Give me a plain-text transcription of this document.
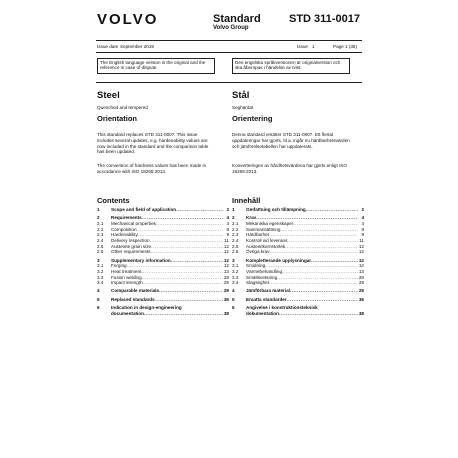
VOLVO	Standard
Volvo Group
STD 311-0017
Issue date September 2019	Issue 1	Page 1 (38)
The English language version is the original and the reference in case of dispute.
Den engelska språkversionen är originalversion och ska åberopas i händelse av tvist.
Steel
Quenched and tempered
Orientation
This standard replaces STD 311-0007. This issue includes several updates, e.g. hardenability values are now included in the standard and the comparison table has been updated.
The conversion of hardness values has been made in accordance with ISO 18265:2013.
Contents
1	Scope and field of application .....	2
2	Requirements .....	4
2.1	Mechanical properties .....	4
2.2	Composition .....	8
2.3	Hardenability .....	9
2.4	Delivery inspection .....	11
2.5	Austenite grain size .....	12
2.6	Other requirements .....	12
3	Supplementary information .....	12
3.1	Forging .....	12
3.2	Heat treatment .....	13
3.3	Fusion welding .....	28
3.4	Impact strength .....	29
4	Comparable materials .....	29
5	Replaced standards .....	36
6	Indication in design-engineering
documentation .....	38
Stål
Seghärdat
Orientering
Denna standard ersätter STD 311-0007. Ett flertal uppdateringar har gjorts, bl.a. ingår nu härdbarhetsvärden och jämförelsetabellen har uppdaterats.
Konverteringen av hårdhetsvärdena har gjorts enligt ISO 18265:2013.
Innehåll
1	Omfattning och tillämpning .....	2
2	Krav .....	4
2.1	Mekaniska egenskaper .....	4
2.2	Sammansättning .....	8
2.3	Härdbarhet .....	9
2.4	Kontroll vid leverans .....	11
2.5	Austenitkornstorlek .....	12
2.6	Övriga krav .....	12
3	Kompletterande upplysningar .....	12
3.1	Smidning .....	12
3.2	Värmebehandling .....	13
3.3	Smältsvetsning .....	28
3.4	Slagseghet .....	29
4	Jämförbara material .....	29
5	Ersatta standarder .....	36
6	Angivelse i konstruktionsteknisk
dokumentation .....	38
